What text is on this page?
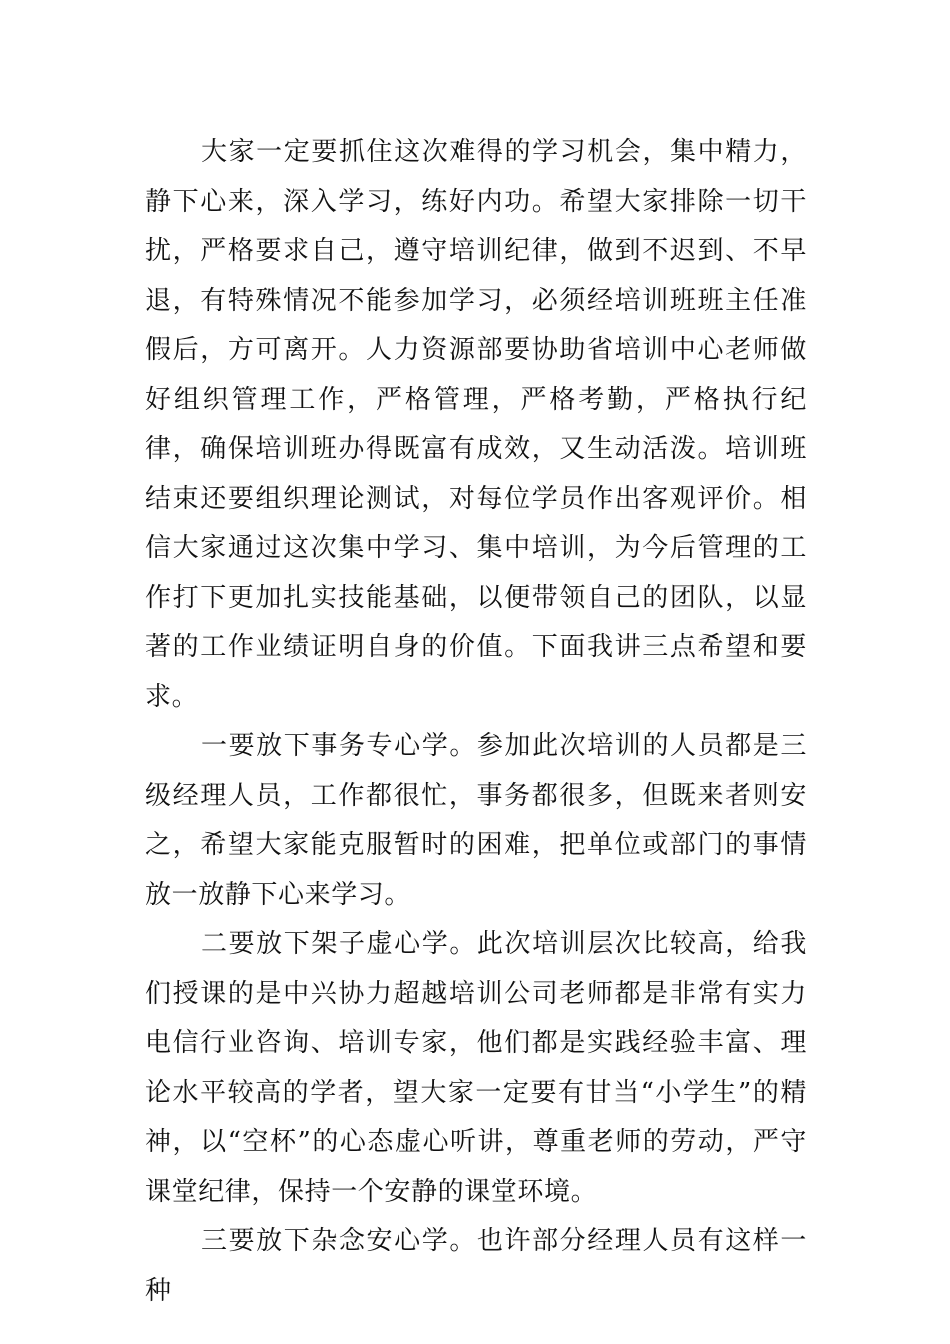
大家一定要抓住这次难得的学习机会，集中精力，静下心来，深入学习，练好内功。希望大家排除一切干扰，严格要求自己，遵守培训纪律，做到不迟到、不早退，有特殊情况不能参加学习，必须经培训班班主任准假后，方可离开。人力资源部要协助省培训中心老师做好组织管理工作，严格管理，严格考勤，严格执行纪律，确保培训班办得既富有成效，又生动活泼。培训班结束还要组织理论测试，对每位学员作出客观评价。相信大家通过这次集中学习、集中培训，为今后管理的工作打下更加扎实技能基础，以便带领自己的团队，以显著的工作业绩证明自身的价值。下面我讲三点希望和要求。

一要放下事务专心学。参加此次培训的人员都是三级经理人员，工作都很忙，事务都很多，但既来者则安之，希望大家能克服暂时的困难，把单位或部门的事情放一放静下心来学习。

二要放下架子虚心学。此次培训层次比较高，给我们授课的是中兴协力超越培训公司老师都是非常有实力电信行业咨询、培训专家，他们都是实践经验丰富、理论水平较高的学者，望大家一定要有甘当“小学生”的精神，以“空杯”的心态虚心听讲，尊重老师的劳动，严守课堂纪律，保持一个安静的课堂环境。

三要放下杂念安心学。也许部分经理人员有这样一种
